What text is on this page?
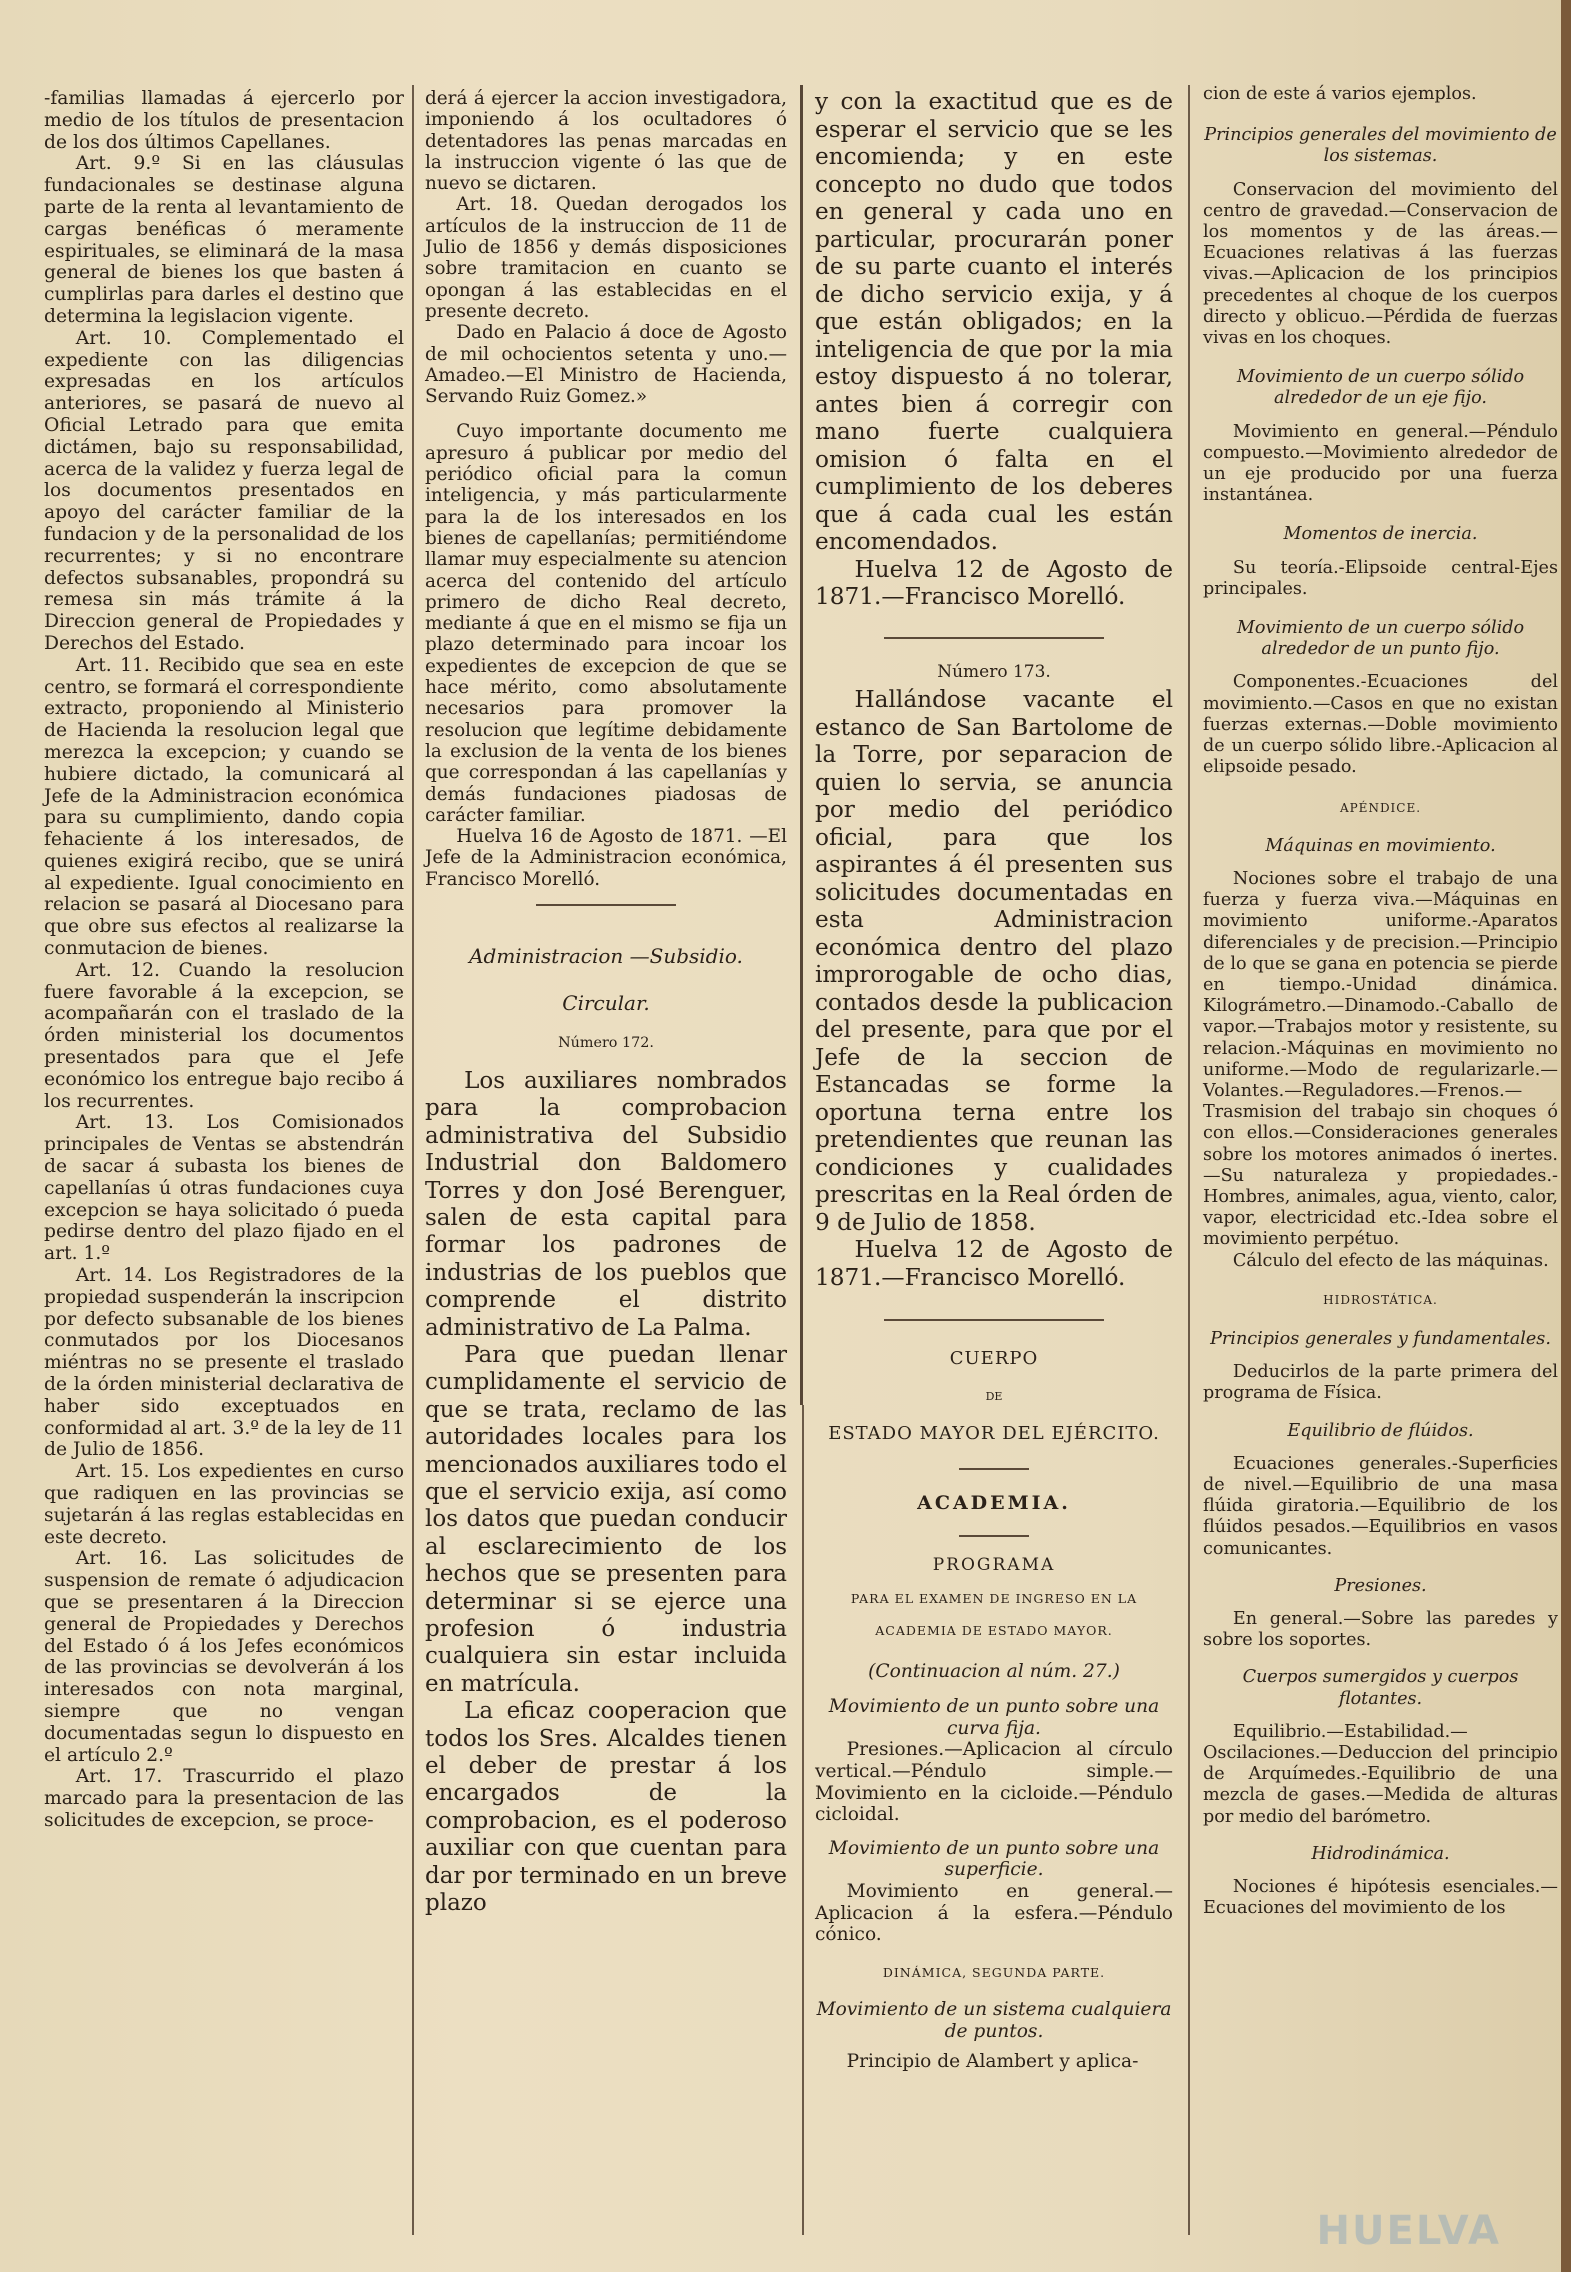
-familias llamadas á ejercerlo por medio de los títulos de presentacion de los dos últimos Capellanes.

Art. 9.º Si en las cláusulas fundacionales se destinase alguna parte de la renta al levantamiento de cargas benéficas ó meramente espirituales, se eliminará de la masa general de bienes los que basten á cumplirlas para darles el destino que determina la legislacion vigente.

Art. 10. Complementado el expediente con las diligencias expresadas en los artículos anteriores, se pasará de nuevo al Oficial Letrado para que emita dictámen, bajo su responsabilidad, acerca de la validez y fuerza legal de los documentos presentados en apoyo del carácter familiar de la fundacion y de la personalidad de los recurrentes; y si no encontrare defectos subsanables, propondrá su remesa sin más trámite á la Direccion general de Propiedades y Derechos del Estado.

Art. 11. Recibido que sea en este centro, se formará el correspondiente extracto, proponiendo al Ministerio de Hacienda la resolucion legal que merezca la excepcion; y cuando se hubiere dictado, la comunicará al Jefe de la Administracion económica para su cumplimiento, dando copia fehaciente á los interesados, de quienes exigirá recibo, que se unirá al expediente. Igual conocimiento en relacion se pasará al Diocesano para que obre sus efectos al realizarse la conmutacion de bienes.

Art. 12. Cuando la resolucion fuere favorable á la excepcion, se acompañarán con el traslado de la órden ministerial los documentos presentados para que el Jefe económico los entregue bajo recibo á los recurrentes.

Art. 13. Los Comisionados principales de Ventas se abstendrán de sacar á subasta los bienes de capellanías ú otras fundaciones cuya excepcion se haya solicitado ó pueda pedirse dentro del plazo fijado en el art. 1.º

Art. 14. Los Registradores de la propiedad suspenderán la inscripcion por defecto subsanable de los bienes conmutados por los Diocesanos miéntras no se presente el traslado de la órden ministerial declarativa de haber sido exceptuados en conformidad al art. 3.º de la ley de 11 de Julio de 1856.

Art. 15. Los expedientes en curso que radiquen en las provincias se sujetarán á las reglas establecidas en este decreto.

Art. 16. Las solicitudes de suspension de remate ó adjudicacion que se presentaren á la Direccion general de Propiedades y Derechos del Estado ó á los Jefes económicos de las provincias se devolverán á los interesados con nota marginal, siempre que no vengan documentadas segun lo dispuesto en el artículo 2.º

Art. 17. Trascurrido el plazo marcado para la presentacion de las solicitudes de excepcion, se proce-

derá á ejercer la accion investigadora, imponiendo á los ocultadores ó detentadores las penas marcadas en la instruccion vigente ó las que de nuevo se dictaren.

Art. 18. Quedan derogados los artículos de la instruccion de 11 de Julio de 1856 y demás disposiciones sobre tramitacion en cuanto se opongan á las establecidas en el presente decreto.

Dado en Palacio á doce de Agosto de mil ochocientos setenta y uno.—Amadeo.—El Ministro de Hacienda, Servando Ruiz Gomez.»

Cuyo importante documento me apresuro á publicar por medio del periódico oficial para la comun inteligencia, y más particularmente para la de los interesados en los bienes de capellanías; permitiéndome llamar muy especialmente su atencion acerca del contenido del artículo primero de dicho Real decreto, mediante á que en el mismo se fija un plazo determinado para incoar los expedientes de excepcion de que se hace mérito, como absolutamente necesarios para promover la resolucion que legítime debidamente la exclusion de la venta de los bienes que correspondan á las capellanías y demás fundaciones piadosas de carácter familiar.

Huelva 16 de Agosto de 1871. —El Jefe de la Administracion económica, Francisco Morelló.

Administracion —Subsidio.

Circular.

Número 172.

Los auxiliares nombrados para la comprobacion administrativa del Subsidio Industrial don Baldomero Torres y don José Berenguer, salen de esta capital para formar los padrones de industrias de los pueblos que comprende el distrito administrativo de La Palma.

Para que puedan llenar cumplidamente el servicio de que se trata, reclamo de las autoridades locales para los mencionados auxiliares todo el que el servicio exija, así como los datos que puedan conducir al esclarecimiento de los hechos que se presenten para determinar si se ejerce una profesion ó industria cualquiera sin estar incluida en matrícula.

La eficaz cooperacion que todos los Sres. Alcaldes tienen el deber de prestar á los encargados de la comprobacion, es el poderoso auxiliar con que cuentan para dar por terminado en un breve plazo

y con la exactitud que es de esperar el servicio que se les encomienda; y en este concepto no dudo que todos en general y cada uno en particular, procurarán poner de su parte cuanto el interés de dicho servicio exija, y á que están obligados; en la inteligencia de que por la mia estoy dispuesto á no tolerar, antes bien á corregir con mano fuerte cualquiera omision ó falta en el cumplimiento de los deberes que á cada cual les están encomendados.

Huelva 12 de Agosto de 1871.—Francisco Morelló.

Número 173.

Hallándose vacante el estanco de San Bartolome de la Torre, por separacion de quien lo servia, se anuncia por medio del periódico oficial, para que los aspirantes á él presenten sus solicitudes documentadas en esta Administracion económica dentro del plazo improrogable de ocho dias, contados desde la publicacion del presente, para que por el Jefe de la seccion de Estancadas se forme la oportuna terna entre los pretendientes que reunan las condiciones y cualidades prescritas en la Real órden de 9 de Julio de 1858.

Huelva 12 de Agosto de 1871.—Francisco Morelló.

CUERPO

DE

ESTADO MAYOR DEL EJÉRCITO.

ACADEMIA.

PROGRAMA

PARA EL EXAMEN DE INGRESO EN LA ACADEMIA DE ESTADO MAYOR.

(Continuacion al núm. 27.)

Movimiento de un punto sobre una curva fija.

Presiones.—Aplicacion al círculo vertical.—Péndulo simple.—Movimiento en la cicloide.—Péndulo cicloidal.

Movimiento de un punto sobre una superficie.

Movimiento en general.—Aplicacion á la esfera.—Péndulo cónico.

DINÁMICA, SEGUNDA PARTE.

Movimiento de un sistema cualquiera de puntos.

Principio de Alambert y aplica-

cion de este á varios ejemplos.

Principios generales del movimiento de los sistemas.

Conservacion del movimiento del centro de gravedad.—Conservacion de los momentos y de las áreas.—Ecuaciones relativas á las fuerzas vivas.—Aplicacion de los principios precedentes al choque de los cuerpos directo y oblicuo.—Pérdida de fuerzas vivas en los choques.

Movimiento de un cuerpo sólido alrededor de un eje fijo.

Movimiento en general.—Péndulo compuesto.—Movimiento alrededor de un eje producido por una fuerza instantánea.

Momentos de inercia.

Su teoría.-Elipsoide central-Ejes principales.

Movimiento de un cuerpo sólido alrededor de un punto fijo.

Componentes.-Ecuaciones del movimiento.—Casos en que no existan fuerzas externas.—Doble movimiento de un cuerpo sólido libre.-Aplicacion al elipsoide pesado.

APÉNDICE.

Máquinas en movimiento.

Nociones sobre el trabajo de una fuerza y fuerza viva.—Máquinas en movimiento uniforme.-Aparatos diferenciales y de precision.—Principio de lo que se gana en potencia se pierde en tiempo.-Unidad dinámica. Kilográmetro.—Dinamodo.-Caballo de vapor.—Trabajos motor y resistente, su relacion.-Máquinas en movimiento no uniforme.—Modo de regularizarle.—Volantes.—Reguladores.—Frenos.—Trasmision del trabajo sin choques ó con ellos.—Consideraciones generales sobre los motores animados ó inertes.—Su naturaleza y propiedades.-Hombres, animales, agua, viento, calor, vapor, electricidad etc.-Idea sobre el movimiento perpétuo.

Cálculo del efecto de las máquinas.

HIDROSTÁTICA.

Principios generales y fundamentales.

Deducirlos de la parte primera del programa de Física.

Equilibrio de flúidos.

Ecuaciones generales.-Superficies de nivel.—Equilibrio de una masa flúida giratoria.—Equilibrio de los flúidos pesados.—Equilibrios en vasos comunicantes.

Presiones.

En general.—Sobre las paredes y sobre los soportes.

Cuerpos sumergidos y cuerpos flotantes.

Equilibrio.—Estabilidad.—Oscilaciones.—Deduccion del principio de Arquímedes.-Equilibrio de una mezcla de gases.—Medida de alturas por medio del barómetro.

Hidrodinámica.

Nociones é hipótesis esenciales.—Ecuaciones del movimiento de los

HUELVA
